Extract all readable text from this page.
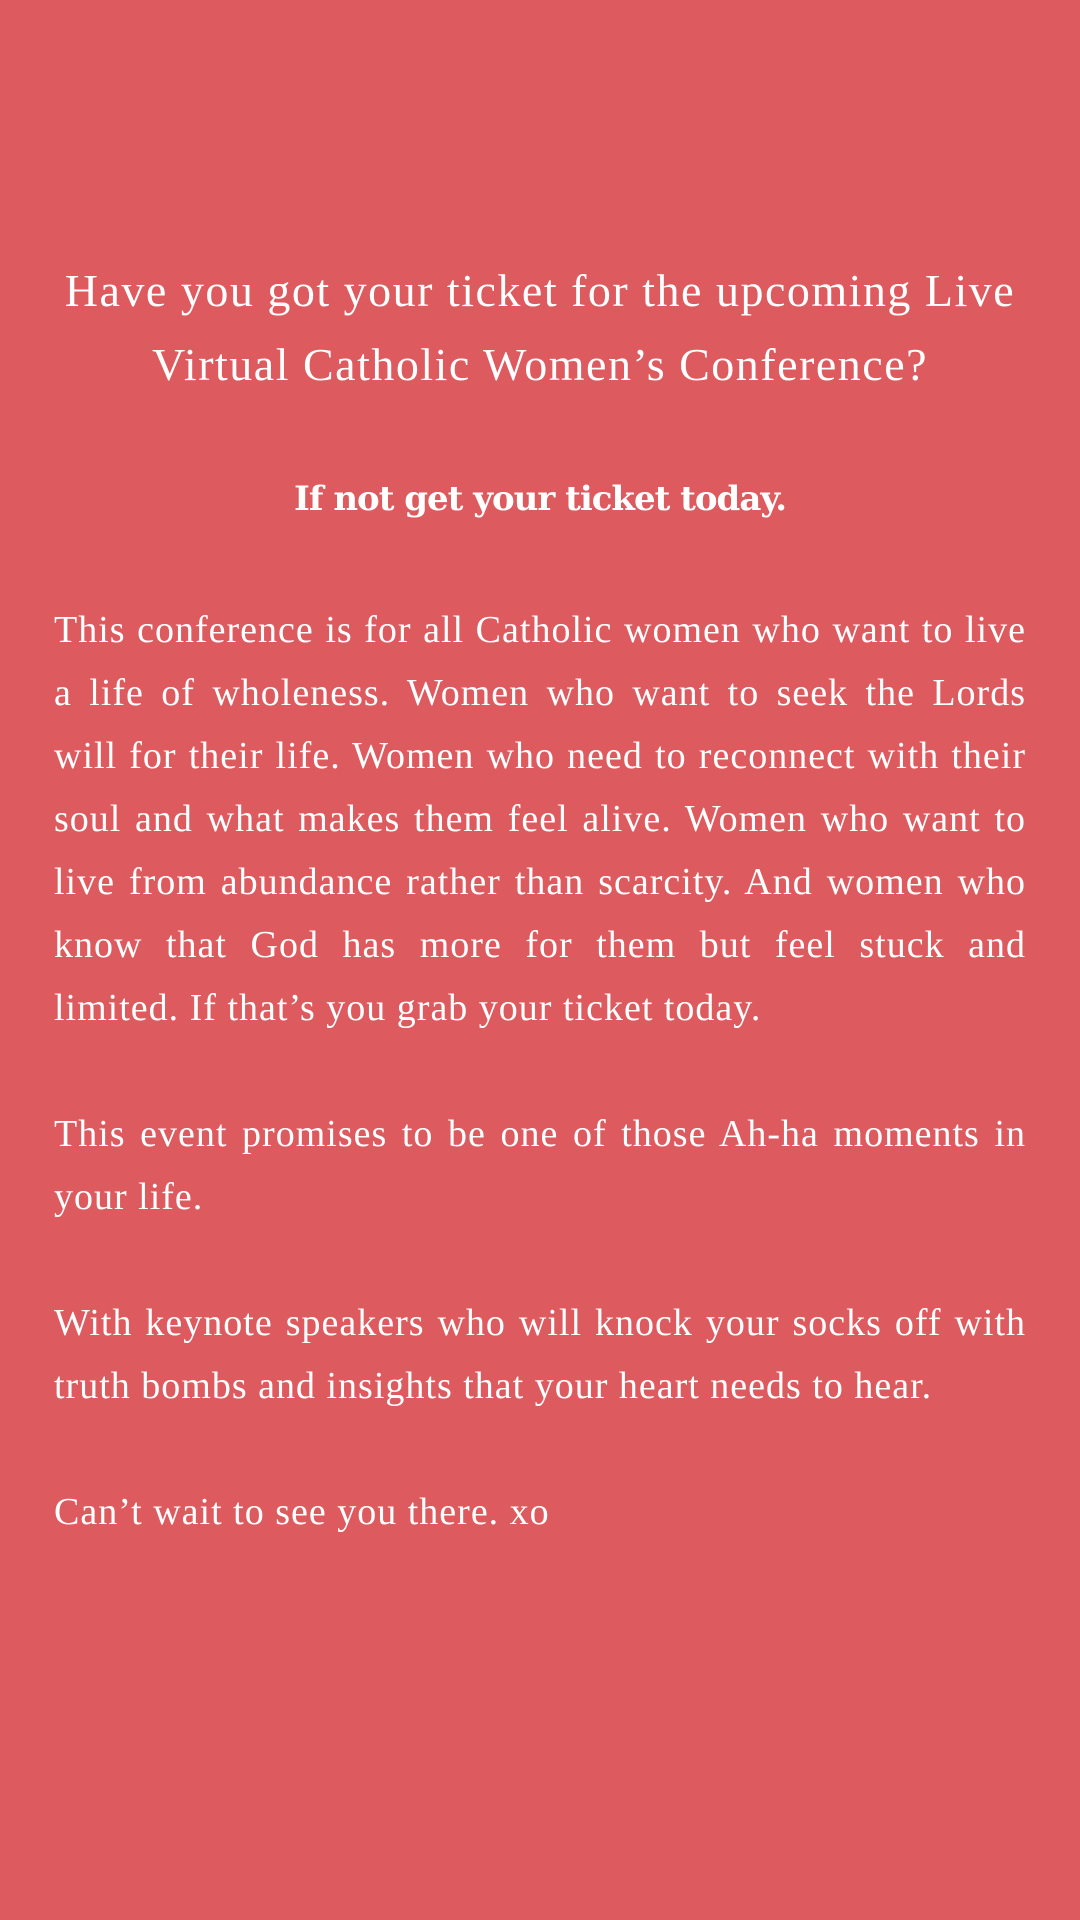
Have you got your ticket for the upcoming Live Virtual Catholic Women’s Conference?

If not get your ticket today.

This conference is for all Catholic women who want to live a life of wholeness. Women who want to seek the Lords will for their life. Women who need to reconnect with their soul and what makes them feel alive. Women who want to live from abundance rather than scarcity. And women who know that God has more for them but feel stuck and limited. If that’s you grab your ticket today.

This event promises to be one of those Ah-ha moments in your life.

With keynote speakers who will knock your socks off with truth bombs and insights that your heart needs to hear.

Can’t wait to see you there. xo
